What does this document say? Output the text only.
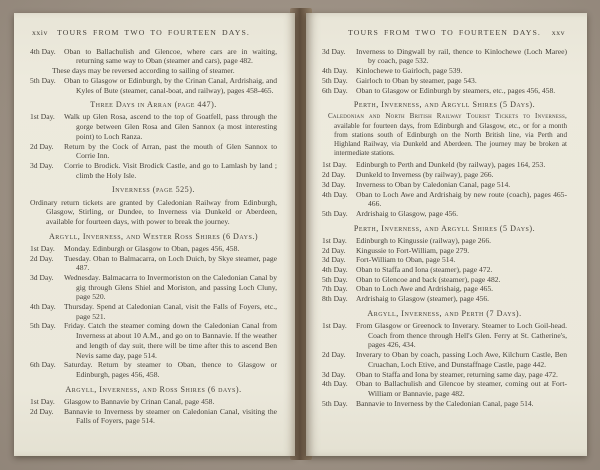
xxiv TOURS FROM TWO TO FOURTEEN DAYS.
4th Day. Oban to Ballachulish and Glencoe, where cars are in waiting, returning same way to Oban (steamer and cars), page 482.
These days may be reversed according to sailing of steamer.
5th Day. Oban to Glasgow or Edinburgh, by the Crinan Canal, Ardrishaig, and Kyles of Bute (steamer, canal-boat, and railway), pages 458-465.
Three Days in Arran (page 447).
1st Day. Walk up Glen Rosa, ascend to the top of Goatfell, pass through the gorge between Glen Rosa and Glen Sannox (a most interesting point) to Loch Ranza.
2d Day. Return by the Cock of Arran, past the mouth of Glen Sannox to Corrie Inn.
3d Day. Corrie to Brodick. Visit Brodick Castle, and go to Lamlash by land ; climb the Holy Isle.
Inverness (page 525).
Ordinary return tickets are granted by Caledonian Railway from Edinburgh, Glasgow, Stirling, or Dundee, to Inverness via Dunkeld or Aberdeen, available for fourteen days, with power to break the journey.
Argyll, Inverness, and Wester Ross Shires (6 Days.)
1st Day. Monday. Edinburgh or Glasgow to Oban, pages 456, 458.
2d Day. Tuesday. Oban to Balmacarra, on Loch Duich, by Skye steamer, page 487.
3d Day. Wednesday. Balmacarra to Invermoriston on the Caledonian Canal by gig through Glens Shiel and Moriston, and passing Loch Cluny, page 520.
4th Day. Thursday. Spend at Caledonian Canal, visit the Falls of Foyers, etc., page 521.
5th Day. Friday. Catch the steamer coming down the Caledonian Canal from Inverness at about 10 A.M., and go on to Bannavie. If the weather and length of day suit, there will be time after this to ascend Ben Nevis same day, page 514.
6th Day. Saturday. Return by steamer to Oban, thence to Glasgow or Edinburgh, pages 456, 458.
Argyll, Inverness, and Ross Shires (6 days).
1st Day. Glasgow to Bannavie by Crinan Canal, page 458.
2d Day. Bannavie to Inverness by steamer on Caledonian Canal, visiting the Falls of Foyers, page 514.
TOURS FROM TWO TO FOURTEEN DAYS. xxv
3d Day. Inverness to Dingwall by rail, thence to Kinlochewe (Loch Maree) by coach, page 532.
4th Day. Kinlochewe to Gairloch, page 539.
5th Day. Gairloch to Oban by steamer, page 543.
6th Day. Oban to Glasgow or Edinburgh by steamers, etc., pages 456, 458.
Perth, Inverness, and Argyll Shires (5 Days).
Caledonian and North British Railway Tourist Tickets to Inverness, available for fourteen days, from Edinburgh and Glasgow, etc., or for a month from stations south of Edinburgh on the North British line, via Perth and Highland Railway, via Dunkeld and Aberdeen. The journey may be broken at intermediate stations.
1st Day. Edinburgh to Perth and Dunkeld (by railway), pages 164, 253.
2d Day. Dunkeld to Inverness (by railway), page 266.
3d Day. Inverness to Oban by Caledonian Canal, page 514.
4th Day. Oban to Loch Awe and Ardrishaig by new route (coach), pages 465-466.
5th Day. Ardrishaig to Glasgow, page 456.
Perth, Inverness, and Argyll Shires (5 Days).
1st Day. Edinburgh to Kingussie (railway), page 266.
2d Day. Kingussie to Fort-William, page 279.
3d Day. Fort-William to Oban, page 514.
4th Day. Oban to Staffa and Iona (steamer), page 472.
5th Day. Oban to Glencoe and back (steamer), page 482.
7th Day. Oban to Loch Awe and Ardrishaig, page 465.
8th Day. Ardrishaig to Glasgow (steamer), page 456.
Argyll, Inverness, and Perth (7 Days).
1st Day. From Glasgow or Greenock to Inverary. Steamer to Loch Goil-head. Coach from thence through Hell's Glen. Ferry at St. Catherine's, pages 426, 434.
2d Day. Inverary to Oban by coach, passing Loch Awe, Kilchurn Castle, Ben Cruachan, Loch Etive, and Dunstaffnage Castle, page 442.
3d Day. Oban to Staffa and Iona by steamer, returning same day, page 472.
4th Day. Oban to Ballachulish and Glencoe by steamer, coming out at Fort-William or Bannavie, page 482.
5th Day. Bannavie to Inverness by the Caledonian Canal, page 514.
